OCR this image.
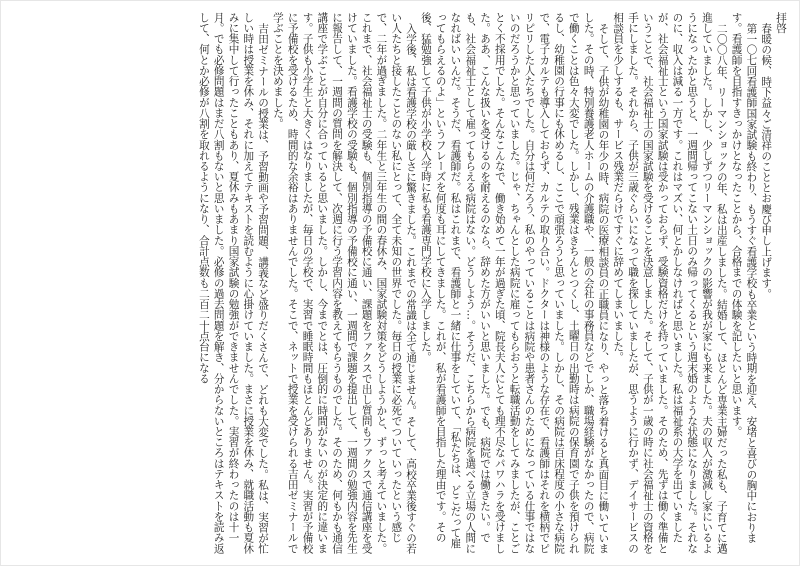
拝啓

春暖の候、時下益々ご清祥のこととお慶び申し上げます。

第一〇七回看護師国家試験も終わり、もうすぐ看護学校も卒業という時期を迎え、安堵と喜びの胸中におります。看護師を目指すきっかけとなったことから、合格までの体験を記したいと思います。

二〇〇八年、リーマンショックの年、私は出産しました。結婚して、ほとんど専業主婦だった私も、子育てに邁進していました。しかし、少しずつリーマンショックの影響が我が家にも来ました。夫の収入が激減し家にいるようになったかと思うと、一週間帰ってこない土日のみ帰ってくるという週末婚のような状態になりました。それなのに、収入は減る一方です。これはマズい、何とかしなければと思いました。私は福祉系の大学を出ていましたが、社会福祉士という国家試験は受かっておらず、受験資格だけを持っていました。そのため、先ずは働く準備ということで、社会福祉士の国家試験を受けることを決意しました。そして、子供が一歳の時に社会福祉士の資格を手にしました。それから、子供が三歳ぐらいになって職を探していましたが、思うように行かず、デイサービスの相談員を少しするも、サービス残業だらけですぐに辞めてしまいました。

そして、子供が幼稚園の年少の時、病院の医療相談員の正職員になり、やっと落ち着けると真面目に働いていました。その時、特別養護老人ホームの介護職や、一般の会社の事務員などでしか、職場経験がなかったので、病院で働くことは色々大変でした。しかし、残業はきちんとつくし、土曜日の出勤時は病院の保育園で子供を預けられるし、幼稚園の行事にも休めるし、ここで頑張ろうと思っていました。しかし、その病院は百床程度の小さな病院で、電子カルテも導入しておらず、カルテの取り合い。ドクターは神様のような存在で、看護師はそれを横柄でピリピリした人たちでした。自分は何だろう、私のやっていることは病院や患者さんのためになっている仕事ではないのだろうかと思っていました。じゃ、ちゃんとした病院に雇ってもらおうと転職活動をしてみましたが、ことごとく不採用でした。そんなこんなで、働き始めて一年が過ぎた頃、院長夫人にとても理不尽なパワハラを受けました。ああ、こんな扱いを受けるのを耐えるのなら、辞めた方がいいと思いました。でも、病院では働きたい。でも、社会福祉士として雇ってもらえる病院はない。どうしよう…。そうだ、こちらから病院を選べる立場の人間になればいいんだ。そうだ、看護師だ。私はこれまで、看護師と一緒に仕事をしていて、「私たちは、どこだって雇ってもらえるのよ」というフレーズを何度も耳にしてきました。これが、私が看護師を目指した理由です。その後、猛勉強して子供が小学校入学時に私も看護専門学校に入学しました。

入学後、私は看護学校の厳しさに驚きました。これまでの常識は全て通じません。そして、高校卒業後すぐの若い人たちと接したことのない私にとって、全て未知の世界でした。毎日の授業に必死でついていったという感じで、二年が過ぎました。二年生と三年生の間の春休み、国家試験対策をどうしようかと、ずっと考えていました。これまで、社会福祉士の受験も、個別指導の予備校に通い、課題をファクスで出し質問もファクスで通信講座を受けていました。看護学校の受験も、個別指導の予備校に通い、一週間で課題を提出して、一週間の勉強内容を先生に報告して、一週間の質問を解決して、次週に行う学習内容を教えてもらうものでした。そのため、何もかも通信講座で学ぶことが自分に合っていると思いました。しかし、今までとは、圧倒的に時間がないのが決定的に違います。子供も小学生と大きくはなりましたが、毎日の学校で、実習で睡眠時間もほとんどありません。実習が予備校に予備校を受けるため、時間的な余裕はありませんでした。そこで、ネットで授業を受けられる吉田ゼミナールで学ぶことを決めました。

吉田ゼミナールの授業は、予習動画や予習問題、講義など盛りだくさんで、どれも大変でした。私は、実習が忙しい時は授業を休み、それに加えてテキストを読むように心掛けていました。まさに授業を休み、就職活動も夏休みに集中して行ったこともあり、夏休みもあまり国家試験の勉強ができませんでした。実習が終わったのは十一月。でも必修問題はまだ八割もないと思いました。必修の過去問題を解き、分からないところはテキストを読み返して、何とか必修が八割を取れるようになり、合計点数も二百二十点台になる
